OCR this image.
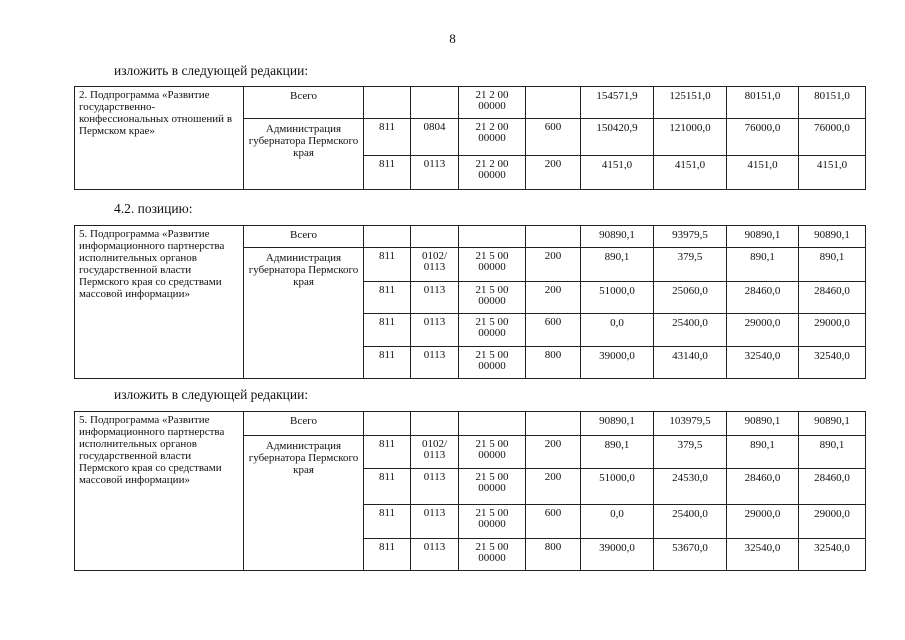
8
изложить в следующей редакции:
2. Подпрограмма «Развитие государственно-конфессиональных отношений в Пермском крае»	Всего			21 2 00
00000		154571,9	125151,0	80151,0	80151,0
	Администрация губернатора Пермского края	811	0804	21 2 00
00000	600	150420,9	121000,0	76000,0	76000,0
		811	0113	21 2 00
00000	200	4151,0	4151,0	4151,0	4151,0
4.2. позицию:
5. Подпрограмма «Развитие информационного партнерства исполнительных органов государственной власти Пермского края со средствами массовой информации»	Всего					90890,1	93979,5	90890,1	90890,1
	Администрация губернатора Пермского края	811	0102/
0113	21 5 00
00000	200	890,1	379,5	890,1	890,1
		811	0113	21 5 00
00000	200	51000,0	25060,0	28460,0	28460,0
		811	0113	21 5 00
00000	600	0,0	25400,0	29000,0	29000,0
		811	0113	21 5 00
00000	800	39000,0	43140,0	32540,0	32540,0
изложить в следующей редакции:
5. Подпрограмма «Развитие информационного партнерства исполнительных органов государственной власти Пермского края со средствами массовой информации»	Всего					90890,1	103979,5	90890,1	90890,1
	Администрация губернатора Пермского края	811	0102/
0113	21 5 00
00000	200	890,1	379,5	890,1	890,1
		811	0113	21 5 00
00000	200	51000,0	24530,0	28460,0	28460,0
		811	0113	21 5 00
00000	600	0,0	25400,0	29000,0	29000,0
		811	0113	21 5 00
00000	800	39000,0	53670,0	32540,0	32540,0
